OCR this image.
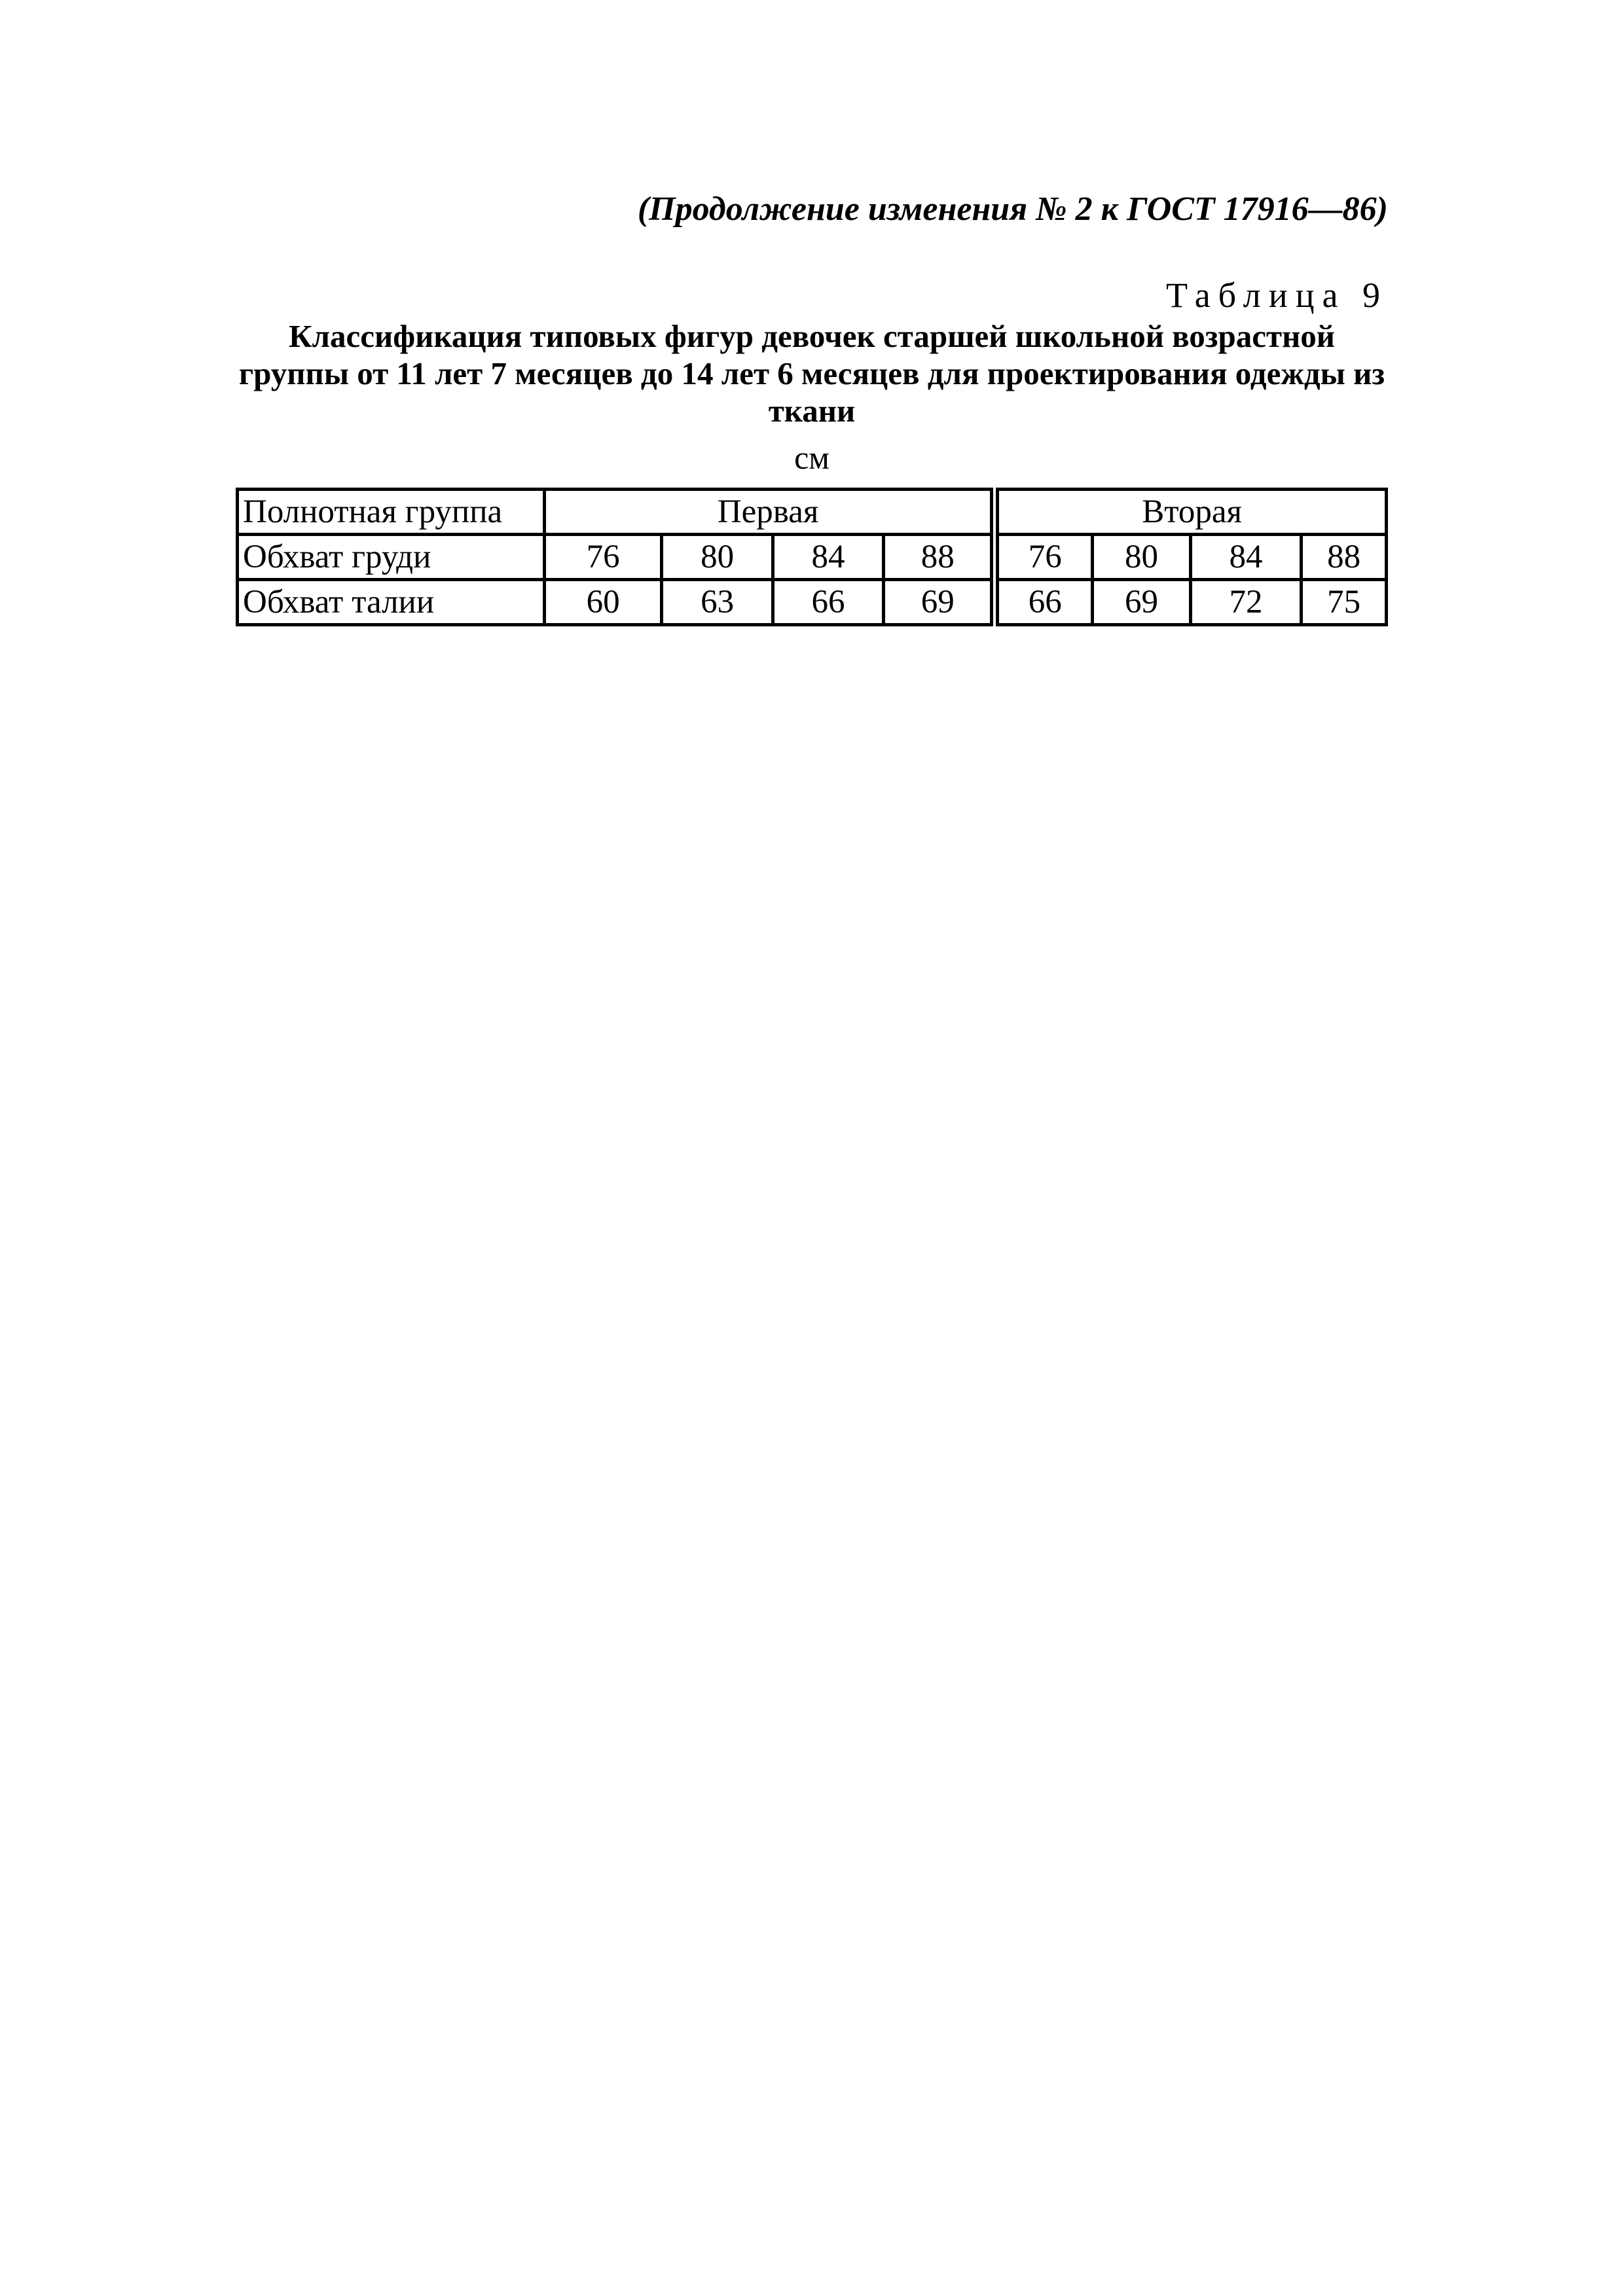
(Продолжение изменения № 2 к ГОСТ 17916—86)
Таблица 9
Классификация типовых фигур девочек старшей школьной возрастной группы от 11 лет 7 месяцев до 14 лет 6 месяцев для проектирования одежды из ткани
см
Полнотная группа	Первая				Вторая			
Обхват груди	76	80	84	88	76	80	84	88
Обхват талии	60	63	66	69	66	69	72	75
